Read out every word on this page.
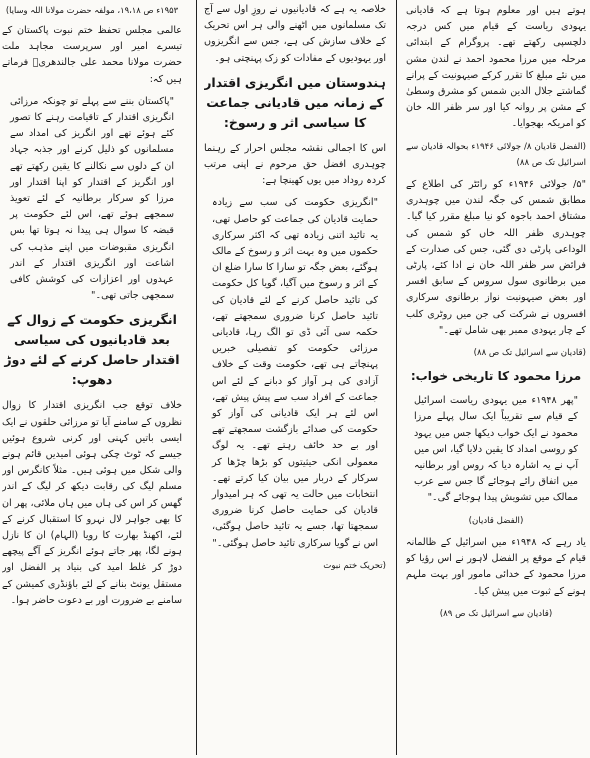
ہوتے ہیں اور معلوم ہوتا ہے کہ قادیانی یہودی ریاست کے قیام میں کس درجہ دلچسپی رکھتے تھے۔ پروگرام کے ابتدائی مرحلہ میں مرزا محمود احمد نے لندن مشن میں نئے مبلغ کا تقرر کرکے صیہونیت کے پرانے گماشتے جلال الدین شمس کو مشرق وسطیٰ کے مشن پر روانہ کیا اور سر ظفر اللہ خان کو امریکہ بھجوایا۔

(الفضل قادیان ۸/ جولائی ۱۹۴۶ء بحوالہ قادیان سے اسرائیل تک ص ۸۸)

"۵/ جولائی ۱۹۴۶ء کو رائٹر کی اطلاع کے مطابق شمس کی جگہ لندن میں چوہدری مشتاق احمد باجوہ کو نیا مبلغ مقرر کیا گیا۔ چوہدری ظفر اللہ خاں کو شمس کی الوداعی پارٹی دی گئی، جس کی صدارت کے فرائض سر ظفر اللہ خان نے ادا کئے، پارٹی میں برطانوی سول سروس کے سابق افسر اور بعض صیہونیت نواز برطانوی سرکاری افسروں نے شرکت کی جن میں روٹری کلب کے چار یہودی ممبر بھی شامل تھے۔"

(قادیان سے اسرائیل تک ص ۸۸)

مرزا محمود کا تاریخی خواب:

"پھر ۱۹۴۸ء میں یہودی ریاست اسرائیل کے قیام سے تقریباً ایک سال پہلے مرزا محمود نے ایک خواب دیکھا جس میں یہود کو روسی امداد کا یقین دلایا گیا، اس میں آپ نے یہ اشارہ دیا کہ روس اور برطانیہ میں اتفاق رائے ہوجائے گا جس سے عرب ممالک میں تشویش پیدا ہوجائے گی۔"

(الفضل قادیان)

یاد رہے کہ ۱۹۴۸ء میں اسرائیل کے ظالمانہ قیام کے موقع پر الفضل لاہور نے اس رؤیا کو مرزا محمود کے خدائی مامور اور بہت ملہم ہونے کے ثبوت میں پیش کیا۔

(قادیان سے اسرائیل تک ص ۸۹)

خلاصہ یہ ہے کہ قادیانیوں نے روزِ اول سے آج تک مسلمانوں میں اٹھنے والی ہر اس تحریک کے خلاف سازش کی ہے، جس سے انگریزوں اور یہودیوں کے مفادات کو زک پہنچتی ہو۔

ہندوستان میں انگریزی اقتدار کے زمانہ میں قادیانی جماعت کا سیاسی اثر و رسوخ:

اس کا اجمالی نقشہ مجلس احرار کے رہنما چوہدری افضل حق مرحوم نے اپنی مرتب کردہ روداد میں یوں کھینچا ہے:

"انگریزی حکومت کی سب سے زیادہ حمایت قادیان کی جماعت کو حاصل تھی، یہ تائید اتنی زیادہ تھی کہ اکثر سرکاری حکموں میں وہ بہت اثر و رسوخ کے مالک ہوگئے، بعض جگہ تو سارا کا سارا ضلع ان کے اثر و رسوخ میں آگیا، گویا کل حکومت کی تائید حاصل کرنے کے لئے قادیان کی تائید حاصل کرنا ضروری سمجھتے تھے، حکمہ سی آئی ڈی تو الگ رہا، قادیانی مرزائی حکومت کو تفصیلی خبریں پہنچاتے ہی تھے، حکومت وقت کے خلاف آزادی کی ہر آواز کو دبانے کے لئے اس جماعت کے افراد سب سے پیش پیش تھے، اس لئے ہر ایک قادیانی کی آواز کو حکومت کی صدائے بازگشت سمجھتے تھے اور بے حد خائف رہتے تھے۔ یہ لوگ معمولی انکی حیثیتوں کو بڑھا چڑھا کر سرکار کے دربار میں بیان کیا کرتے تھے۔ انتخابات میں حالت یہ تھی کہ ہر امیدوار قادیان کی حمایت حاصل کرنا ضروری سمجھتا تھا، جسے یہ تائید حاصل ہوگئی، اس نے گویا سرکاری تائید حاصل ہوگئی۔"

(تحریک ختم نبوت

۱۹۵۳ء ص ۱۹،۱۸، مولفہ حضرت مولانا اللہ وسایا)

عالمی مجلس تحفظ ختم نبوت پاکستان کے تیسرے امیر اور سرپرست مجاہد ملت حضرت مولانا محمد علی جالندھریؒ فرماتے ہیں کہ:

"پاکستان بننے سے پہلے تو چونکہ مرزائی انگریزی اقتدار کے تاقیامت رہنے کا تصور کئے ہوئے تھے اور انگریز کی امداد سے مسلمانوں کو ذلیل کرنے اور جذبہ جہاد ان کے دلوں سے نکالنے کا یقین رکھتے تھے اور انگریز کے اقتدار کو اپنا اقتدار اور مرزا کو سرکار برطانیہ کے لئے تعویذ سمجھے ہوئے تھے، اس لئے حکومت پر قبضہ کا سوال ہی پیدا نہ ہوتا تھا بس انگریزی مقبوضات میں اپنے مذہب کی اشاعت اور انگریزی اقتدار کے اندر عہدوں اور اعزازات کی کوشش کافی سمجھی جاتی تھی۔"

انگریزی حکومت کے زوال کے بعد قادیانیوں کی سیاسی اقتدار حاصل کرنے کے لئے دوڑ دھوپ:

خلاف توقع جب انگریزی اقتدار کا زوال نظروں کے سامنے آیا تو مرزائی حلقوں نے ایک ایسی باتیں کہنی اور کرنی شروع ہوئیں جیسے کہ ٹوٹ چکی ہوئی امیدیں قائم ہونے والی شکل میں ہوئی ہیں۔ مثلاً کانگرس اور مسلم لیگ کی رقابت دیکھ کر لیگ کے اندر گھس کر اس کی ہاں میں ہاں ملائی، پھر ان کا بھی جواہر لال نہرو کا استقبال کرنے کے لئے، اکھنڈ بھارت کا رویا (الہام) ان کا نازل ہونے لگا، پھر جاتے ہوئے انگریز کے آگے پیچھے دوڑ کر غلط امید کی بنیاد پر الفضل اور مستقل یونٹ بنانے کے لئے باؤنڈری کمیشن کے سامنے بے ضرورت اور بے دعوت حاضر ہوا۔
